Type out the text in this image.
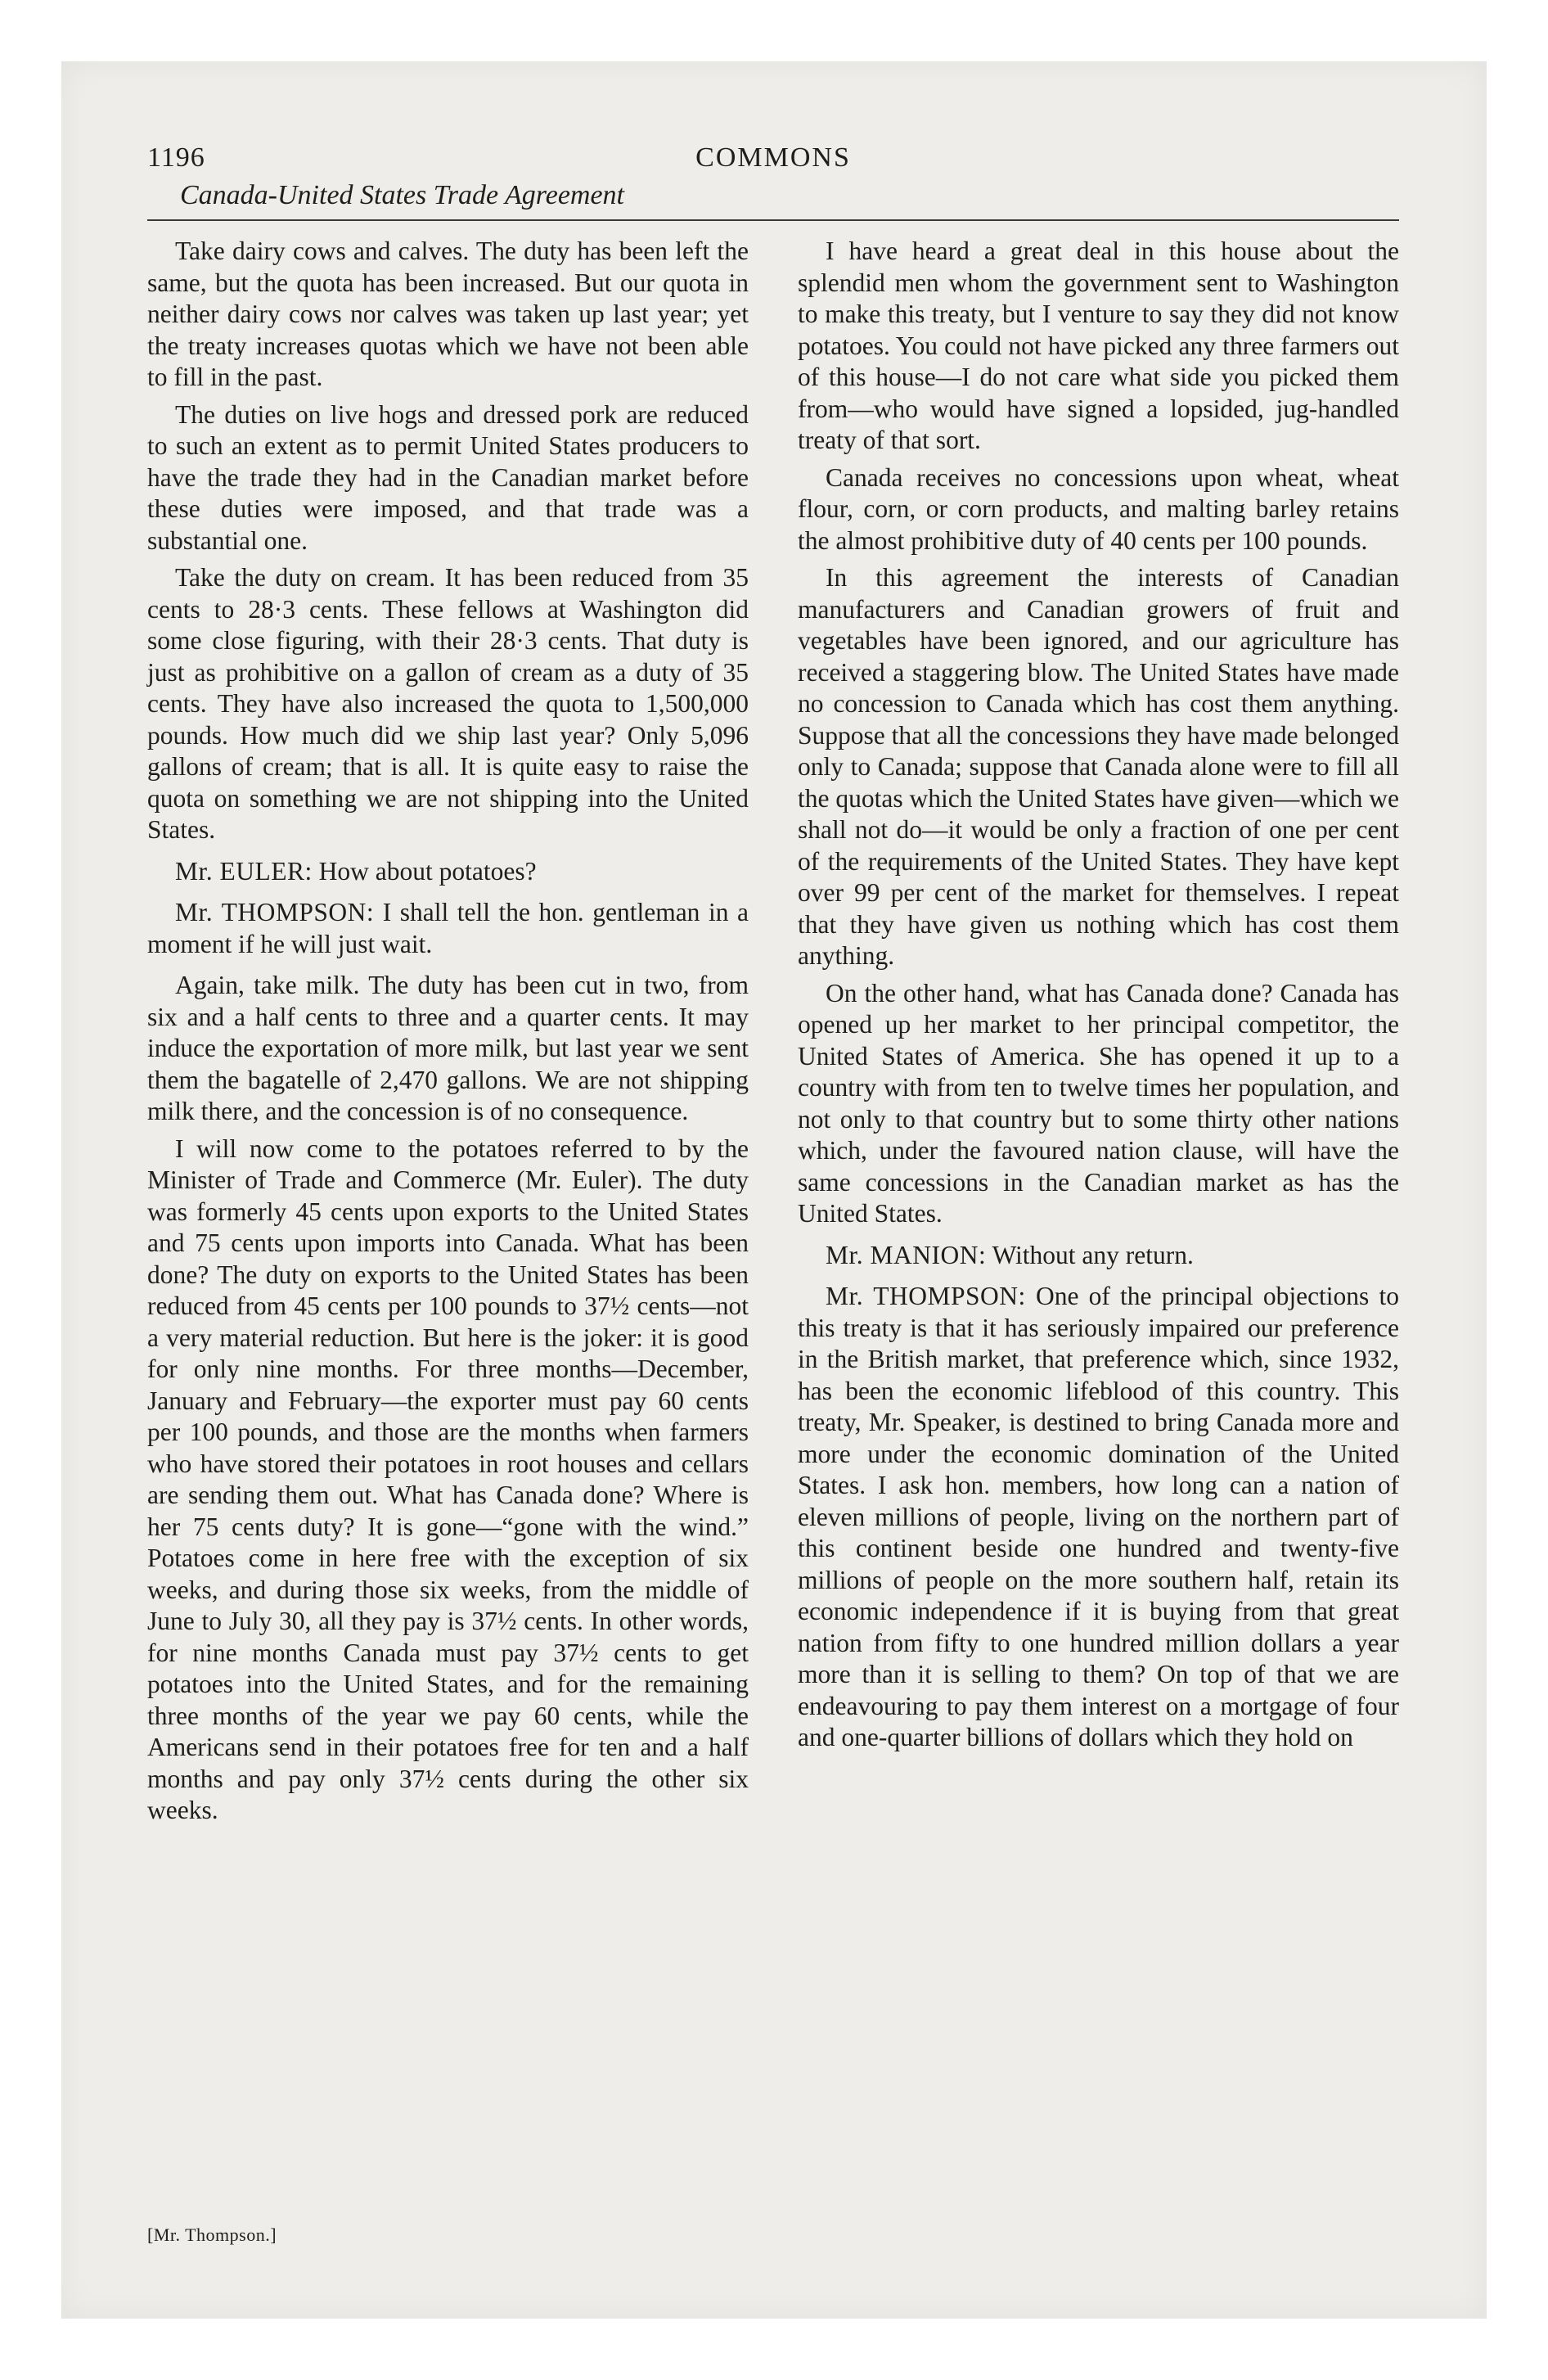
1196	COMMONS
Canada-United States Trade Agreement

Take dairy cows and calves. The duty has been left the same, but the quota has been increased. But our quota in neither dairy cows nor calves was taken up last year; yet the treaty increases quotas which we have not been able to fill in the past.

The duties on live hogs and dressed pork are reduced to such an extent as to permit United States producers to have the trade they had in the Canadian market before these duties were imposed, and that trade was a substantial one.

Take the duty on cream. It has been reduced from 35 cents to 28·3 cents. These fellows at Washington did some close figuring, with their 28·3 cents. That duty is just as prohibitive on a gallon of cream as a duty of 35 cents. They have also increased the quota to 1,500,000 pounds. How much did we ship last year? Only 5,096 gallons of cream; that is all. It is quite easy to raise the quota on something we are not shipping into the United States.

Mr. EULER: How about potatoes?

Mr. THOMPSON: I shall tell the hon. gentleman in a moment if he will just wait.

Again, take milk. The duty has been cut in two, from six and a half cents to three and a quarter cents. It may induce the exportation of more milk, but last year we sent them the bagatelle of 2,470 gallons. We are not shipping milk there, and the concession is of no consequence.

I will now come to the potatoes referred to by the Minister of Trade and Commerce (Mr. Euler). The duty was formerly 45 cents upon exports to the United States and 75 cents upon imports into Canada. What has been done? The duty on exports to the United States has been reduced from 45 cents per 100 pounds to 37½ cents—not a very material reduction. But here is the joker: it is good for only nine months. For three months—December, January and February—the exporter must pay 60 cents per 100 pounds, and those are the months when farmers who have stored their potatoes in root houses and cellars are sending them out. What has Canada done? Where is her 75 cents duty? It is gone—“gone with the wind.” Potatoes come in here free with the exception of six weeks, and during those six weeks, from the middle of June to July 30, all they pay is 37½ cents. In other words, for nine months Canada must pay 37½ cents to get potatoes into the United States, and for the remaining three months of the year we pay 60 cents, while the Americans send in their potatoes free for ten and a half months and pay only 37½ cents during the other six weeks.

I have heard a great deal in this house about the splendid men whom the government sent to Washington to make this treaty, but I venture to say they did not know potatoes. You could not have picked any three farmers out of this house—I do not care what side you picked them from—who would have signed a lopsided, jug-handled treaty of that sort.

Canada receives no concessions upon wheat, wheat flour, corn, or corn products, and malting barley retains the almost prohibitive duty of 40 cents per 100 pounds.

In this agreement the interests of Canadian manufacturers and Canadian growers of fruit and vegetables have been ignored, and our agriculture has received a staggering blow. The United States have made no concession to Canada which has cost them anything. Suppose that all the concessions they have made belonged only to Canada; suppose that Canada alone were to fill all the quotas which the United States have given—which we shall not do—it would be only a fraction of one per cent of the requirements of the United States. They have kept over 99 per cent of the market for themselves. I repeat that they have given us nothing which has cost them anything.

On the other hand, what has Canada done? Canada has opened up her market to her principal competitor, the United States of America. She has opened it up to a country with from ten to twelve times her population, and not only to that country but to some thirty other nations which, under the favoured nation clause, will have the same concessions in the Canadian market as has the United States.

Mr. MANION: Without any return.

Mr. THOMPSON: One of the principal objections to this treaty is that it has seriously impaired our preference in the British market, that preference which, since 1932, has been the economic lifeblood of this country. This treaty, Mr. Speaker, is destined to bring Canada more and more under the economic domination of the United States. I ask hon. members, how long can a nation of eleven millions of people, living on the northern part of this continent beside one hundred and twenty-five millions of people on the more southern half, retain its economic independence if it is buying from that great nation from fifty to one hundred million dollars a year more than it is selling to them? On top of that we are endeavouring to pay them interest on a mortgage of four and one-quarter billions of dollars which they hold on

[Mr. Thompson.]
